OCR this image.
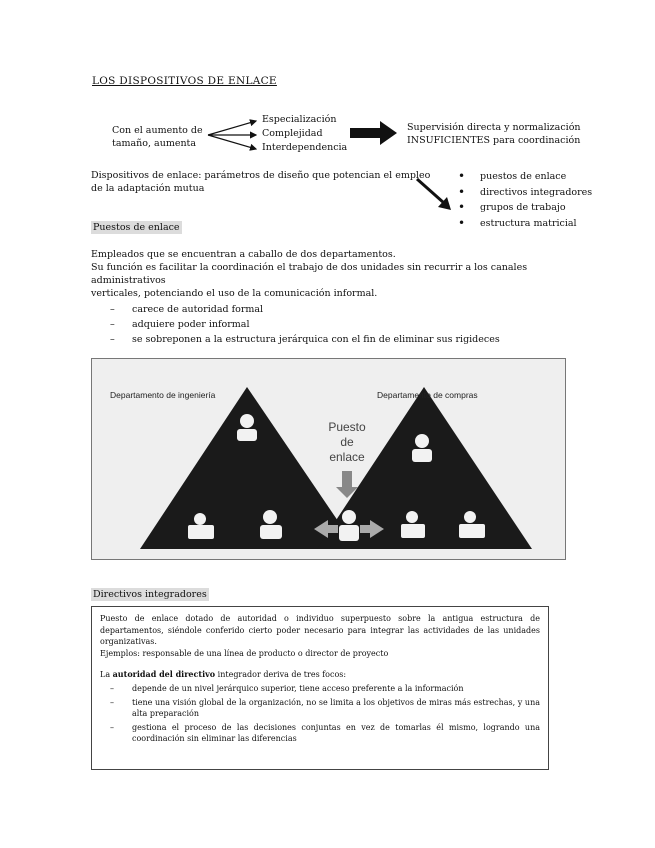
LOS DISPOSITIVOS DE ENLACE
Con el aumento de
tamaño, aumenta
Especialización
Complejidad
Interdependencia
Supervisión directa y normalización
INSUFICIENTES para coordinación
Dispositivos de enlace: parámetros de diseño que potencian el empleo
de la adaptación mutua
• puestos de enlace
• directivos integradores
• grupos de trabajo
• estructura matricial
Puestos de enlace
Empleados que se encuentran a caballo de dos departamentos.
Su función es facilitar la coordinación el trabajo de dos unidades sin recurrir a los canales administrativos
verticales, potenciando el uso de la comunicación informal.
– carece de autoridad formal
– adquiere poder informal
– se sobreponen a la estructura jerárquica con el fin de eliminar sus rigideces
Departamento de ingeniería	Departamento de compras
Puesto
de
enlace
Directivos integradores

Puesto de enlace dotado de autoridad o individuo superpuesto sobre la antigua estructura de departamentos, siéndole conferido cierto poder necesario para integrar las actividades de las unidades organizativas.

Ejemplos: responsable de una línea de producto o director de proyecto

La autoridad del directivo integrador deriva de tres focos:

– depende de un nivel jerárquico superior, tiene acceso preferente a la información
– tiene una visión global de la organización, no se limita a los objetivos de miras más estrechas, y una alta preparación
– gestiona el proceso de las decisiones conjuntas en vez de tomarlas él mismo, logrando una coordinación sin eliminar las diferencias
